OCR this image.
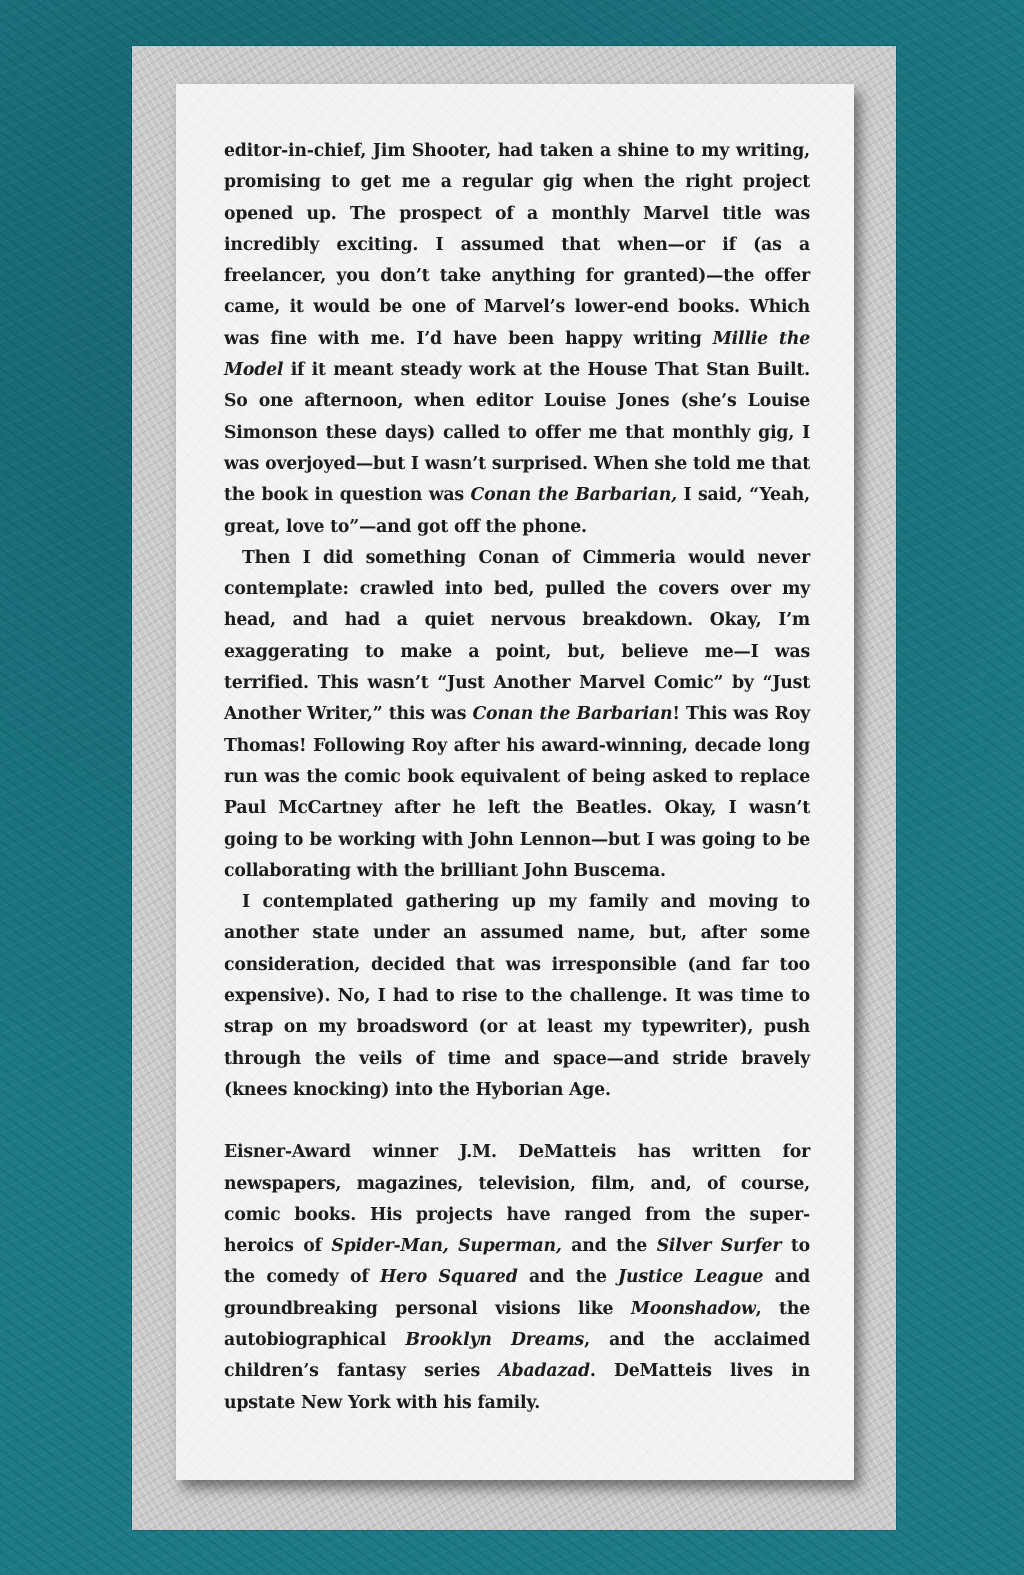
editor-in-chief, Jim Shooter, had taken a shine to my writing, promising to get me a regular gig when the right project opened up. The prospect of a monthly Marvel title was incredibly exciting. I assumed that when—or if (as a freelancer, you don’t take anything for granted)—the offer came, it would be one of Marvel’s lower-end books. Which was fine with me. I’d have been happy writing Millie the Model if it meant steady work at the House That Stan Built. So one afternoon, when editor Louise Jones (she’s Louise Simonson these days) called to offer me that monthly gig, I was overjoyed—but I wasn’t surprised. When she told me that the book in question was Conan the Barbarian, I said, “Yeah, great, love to”—and got off the phone.

Then I did something Conan of Cimmeria would never contemplate: crawled into bed, pulled the covers over my head, and had a quiet nervous breakdown. Okay, I’m exaggerating to make a point, but, believe me—I was terrified. This wasn’t “Just Another Marvel Comic” by “Just Another Writer,” this was Conan the Barbarian! This was Roy Thomas! Following Roy after his award-winning, decade long run was the comic book equivalent of being asked to replace Paul McCartney after he left the Beatles. Okay, I wasn’t going to be working with John Lennon—but I was going to be collaborating with the brilliant John Buscema.

I contemplated gathering up my family and moving to another state under an assumed name, but, after some consideration, decided that was irresponsible (and far too expensive). No, I had to rise to the challenge. It was time to strap on my broadsword (or at least my typewriter), push through the veils of time and space—and stride bravely (knees knocking) into the Hyborian Age.

Eisner-Award winner J.M. DeMatteis has written for newspapers, magazines, television, film, and, of course, comic books. His projects have ranged from the super-heroics of Spider-Man, Superman, and the Silver Surfer to the comedy of Hero Squared and the Justice League and groundbreaking personal visions like Moonshadow, the autobiographical Brooklyn Dreams, and the acclaimed children’s fantasy series Abadazad. DeMatteis lives in upstate New York with his family.
